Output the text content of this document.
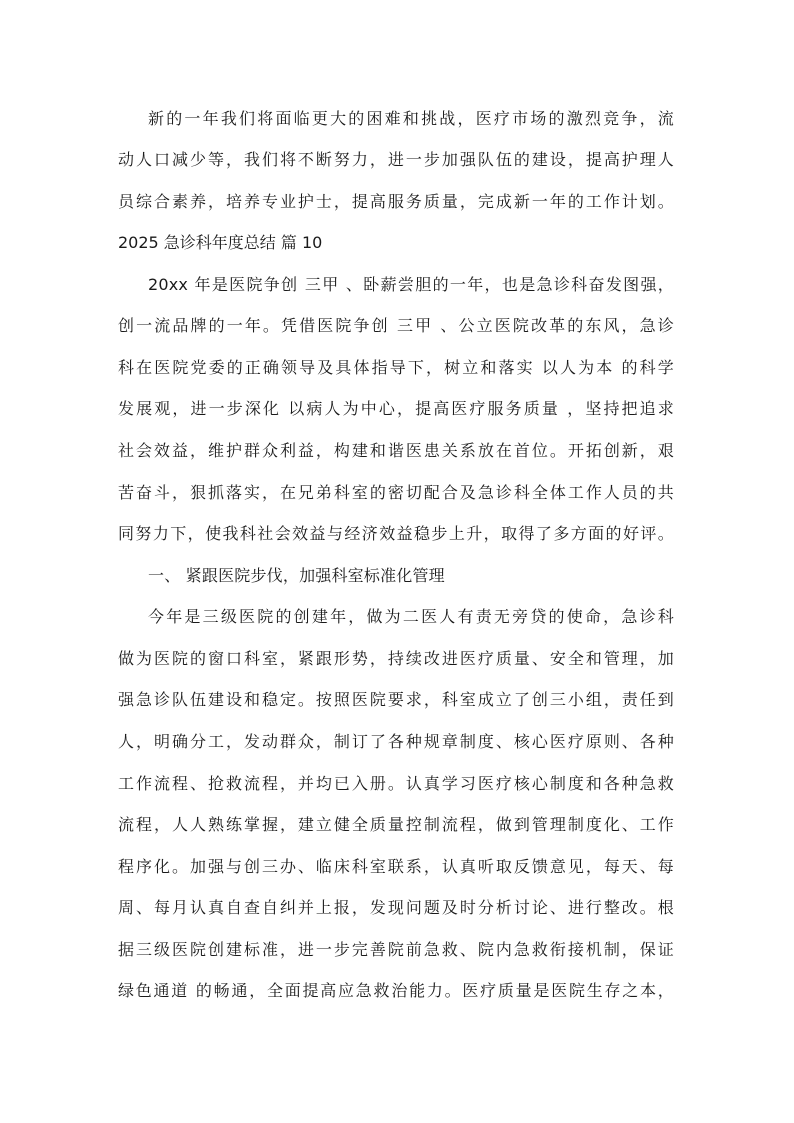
新的一年我们将面临更大的困难和挑战，医疗市场的激烈竞争，流
动人口减少等，我们将不断努力，进一步加强队伍的建设，提高护理人
员综合素养，培养专业护士，提高服务质量，完成新一年的工作计划。
2025 急诊科年度总结 篇 10
20xx 年是医院争创 三甲 、卧薪尝胆的一年，也是急诊科奋发图强，
创一流品牌的一年。凭借医院争创 三甲 、公立医院改革的东风，急诊
科在医院党委的正确领导及具体指导下，树立和落实 以人为本 的科学
发展观，进一步深化 以病人为中心，提高医疗服务质量 ，坚持把追求
社会效益，维护群众利益，构建和谐医患关系放在首位。开拓创新，艰
苦奋斗，狠抓落实，在兄弟科室的密切配合及急诊科全体工作人员的共
同努力下，使我科社会效益与经济效益稳步上升，取得了多方面的好评。
一、 紧跟医院步伐，加强科室标准化管理
今年是三级医院的创建年，做为二医人有责无旁贷的使命，急诊科
做为医院的窗口科室，紧跟形势，持续改进医疗质量、安全和管理，加
强急诊队伍建设和稳定。按照医院要求，科室成立了创三小组，责任到
人，明确分工，发动群众，制订了各种规章制度、核心医疗原则、各种
工作流程、抢救流程，并均已入册。认真学习医疗核心制度和各种急救
流程，人人熟练掌握，建立健全质量控制流程，做到管理制度化、工作
程序化。加强与创三办、临床科室联系，认真听取反馈意见，每天、每
周、每月认真自查自纠并上报，发现问题及时分析讨论、进行整改。根
据三级医院创建标准，进一步完善院前急救、院内急救衔接机制，保证
绿色通道 的畅通，全面提高应急救治能力。医疗质量是医院生存之本，
